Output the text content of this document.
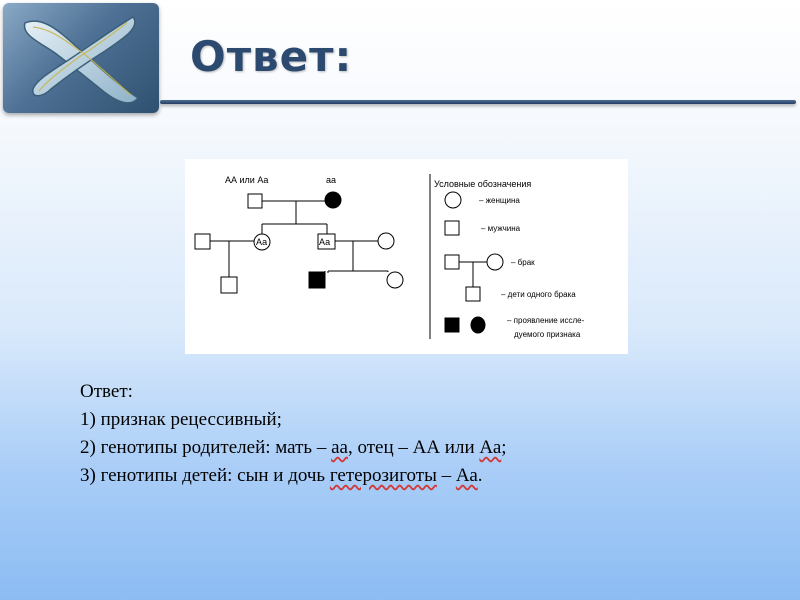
Ответ:
АА или Аа	аа
Аа	Аа
Условные обозначения
– женщина
– мужчина
– брак
– дети одного брака
– проявление иссле-
дуемого признака
Ответ:
1) признак рецессивный;
2) генотипы родителей: мать – аа, отец – АА или Аа;
3) генотипы детей: сын и дочь гетерозиготы – Аа.
